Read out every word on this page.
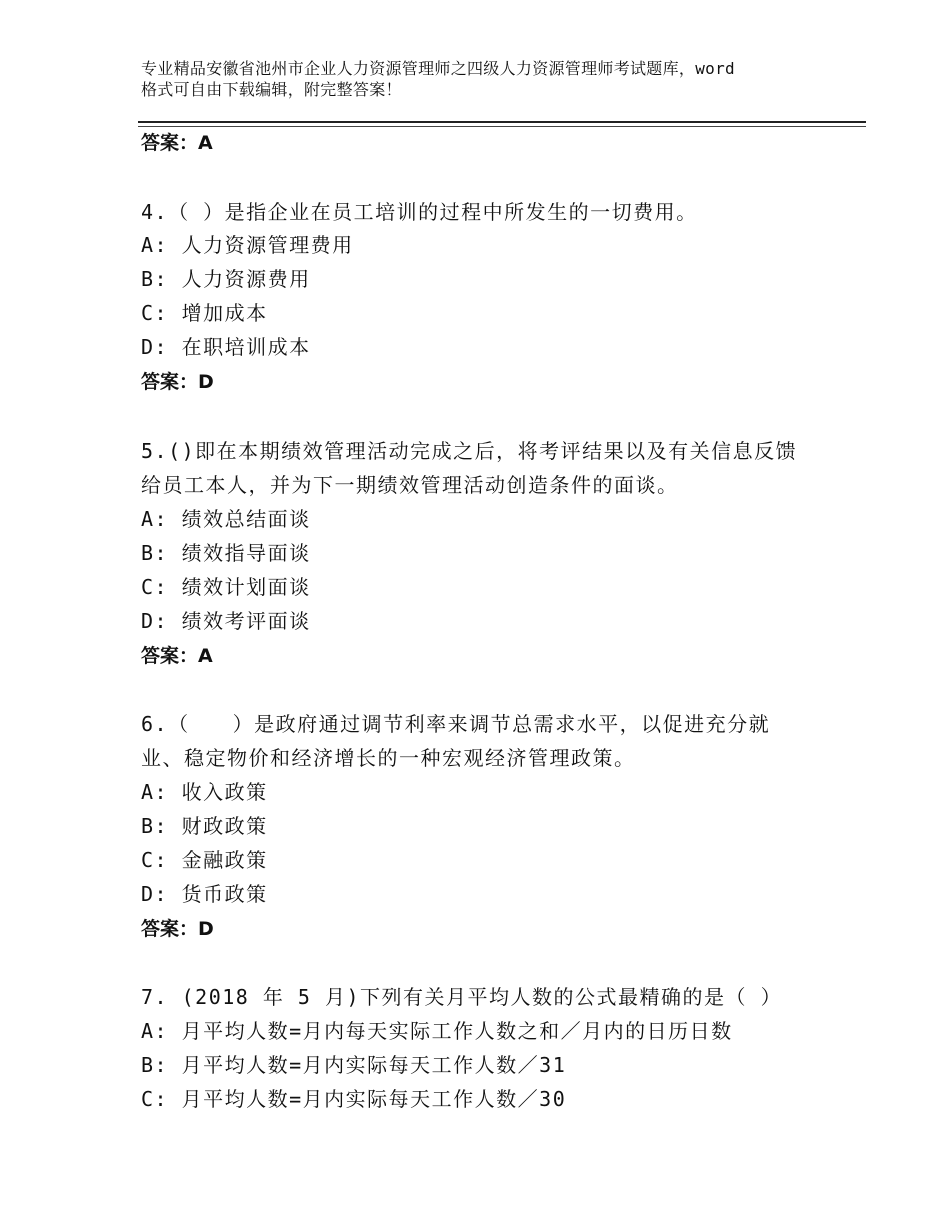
专业精品安徽省池州市企业人力资源管理师之四级人力资源管理师考试题库，word
格式可自由下载编辑，附完整答案！
答案：A
4.（ ）是指企业在员工培训的过程中所发生的一切费用。
A: 人力资源管理费用
B: 人力资源费用
C: 增加成本
D: 在职培训成本
答案：D
5.()即在本期绩效管理活动完成之后，将考评结果以及有关信息反馈
给员工本人，并为下一期绩效管理活动创造条件的面谈。
A: 绩效总结面谈
B: 绩效指导面谈
C: 绩效计划面谈
D: 绩效考评面谈
答案：A
6.（　　）是政府通过调节利率来调节总需求水平，以促进充分就
业、稳定物价和经济增长的一种宏观经济管理政策。
A: 收入政策
B: 财政政策
C: 金融政策
D: 货币政策
答案：D
7. (2018 年 5 月)下列有关月平均人数的公式最精确的是（ ）
A: 月平均人数=月内每天实际工作人数之和／月内的日历日数
B: 月平均人数=月内实际每天工作人数／31
C: 月平均人数=月内实际每天工作人数／30
